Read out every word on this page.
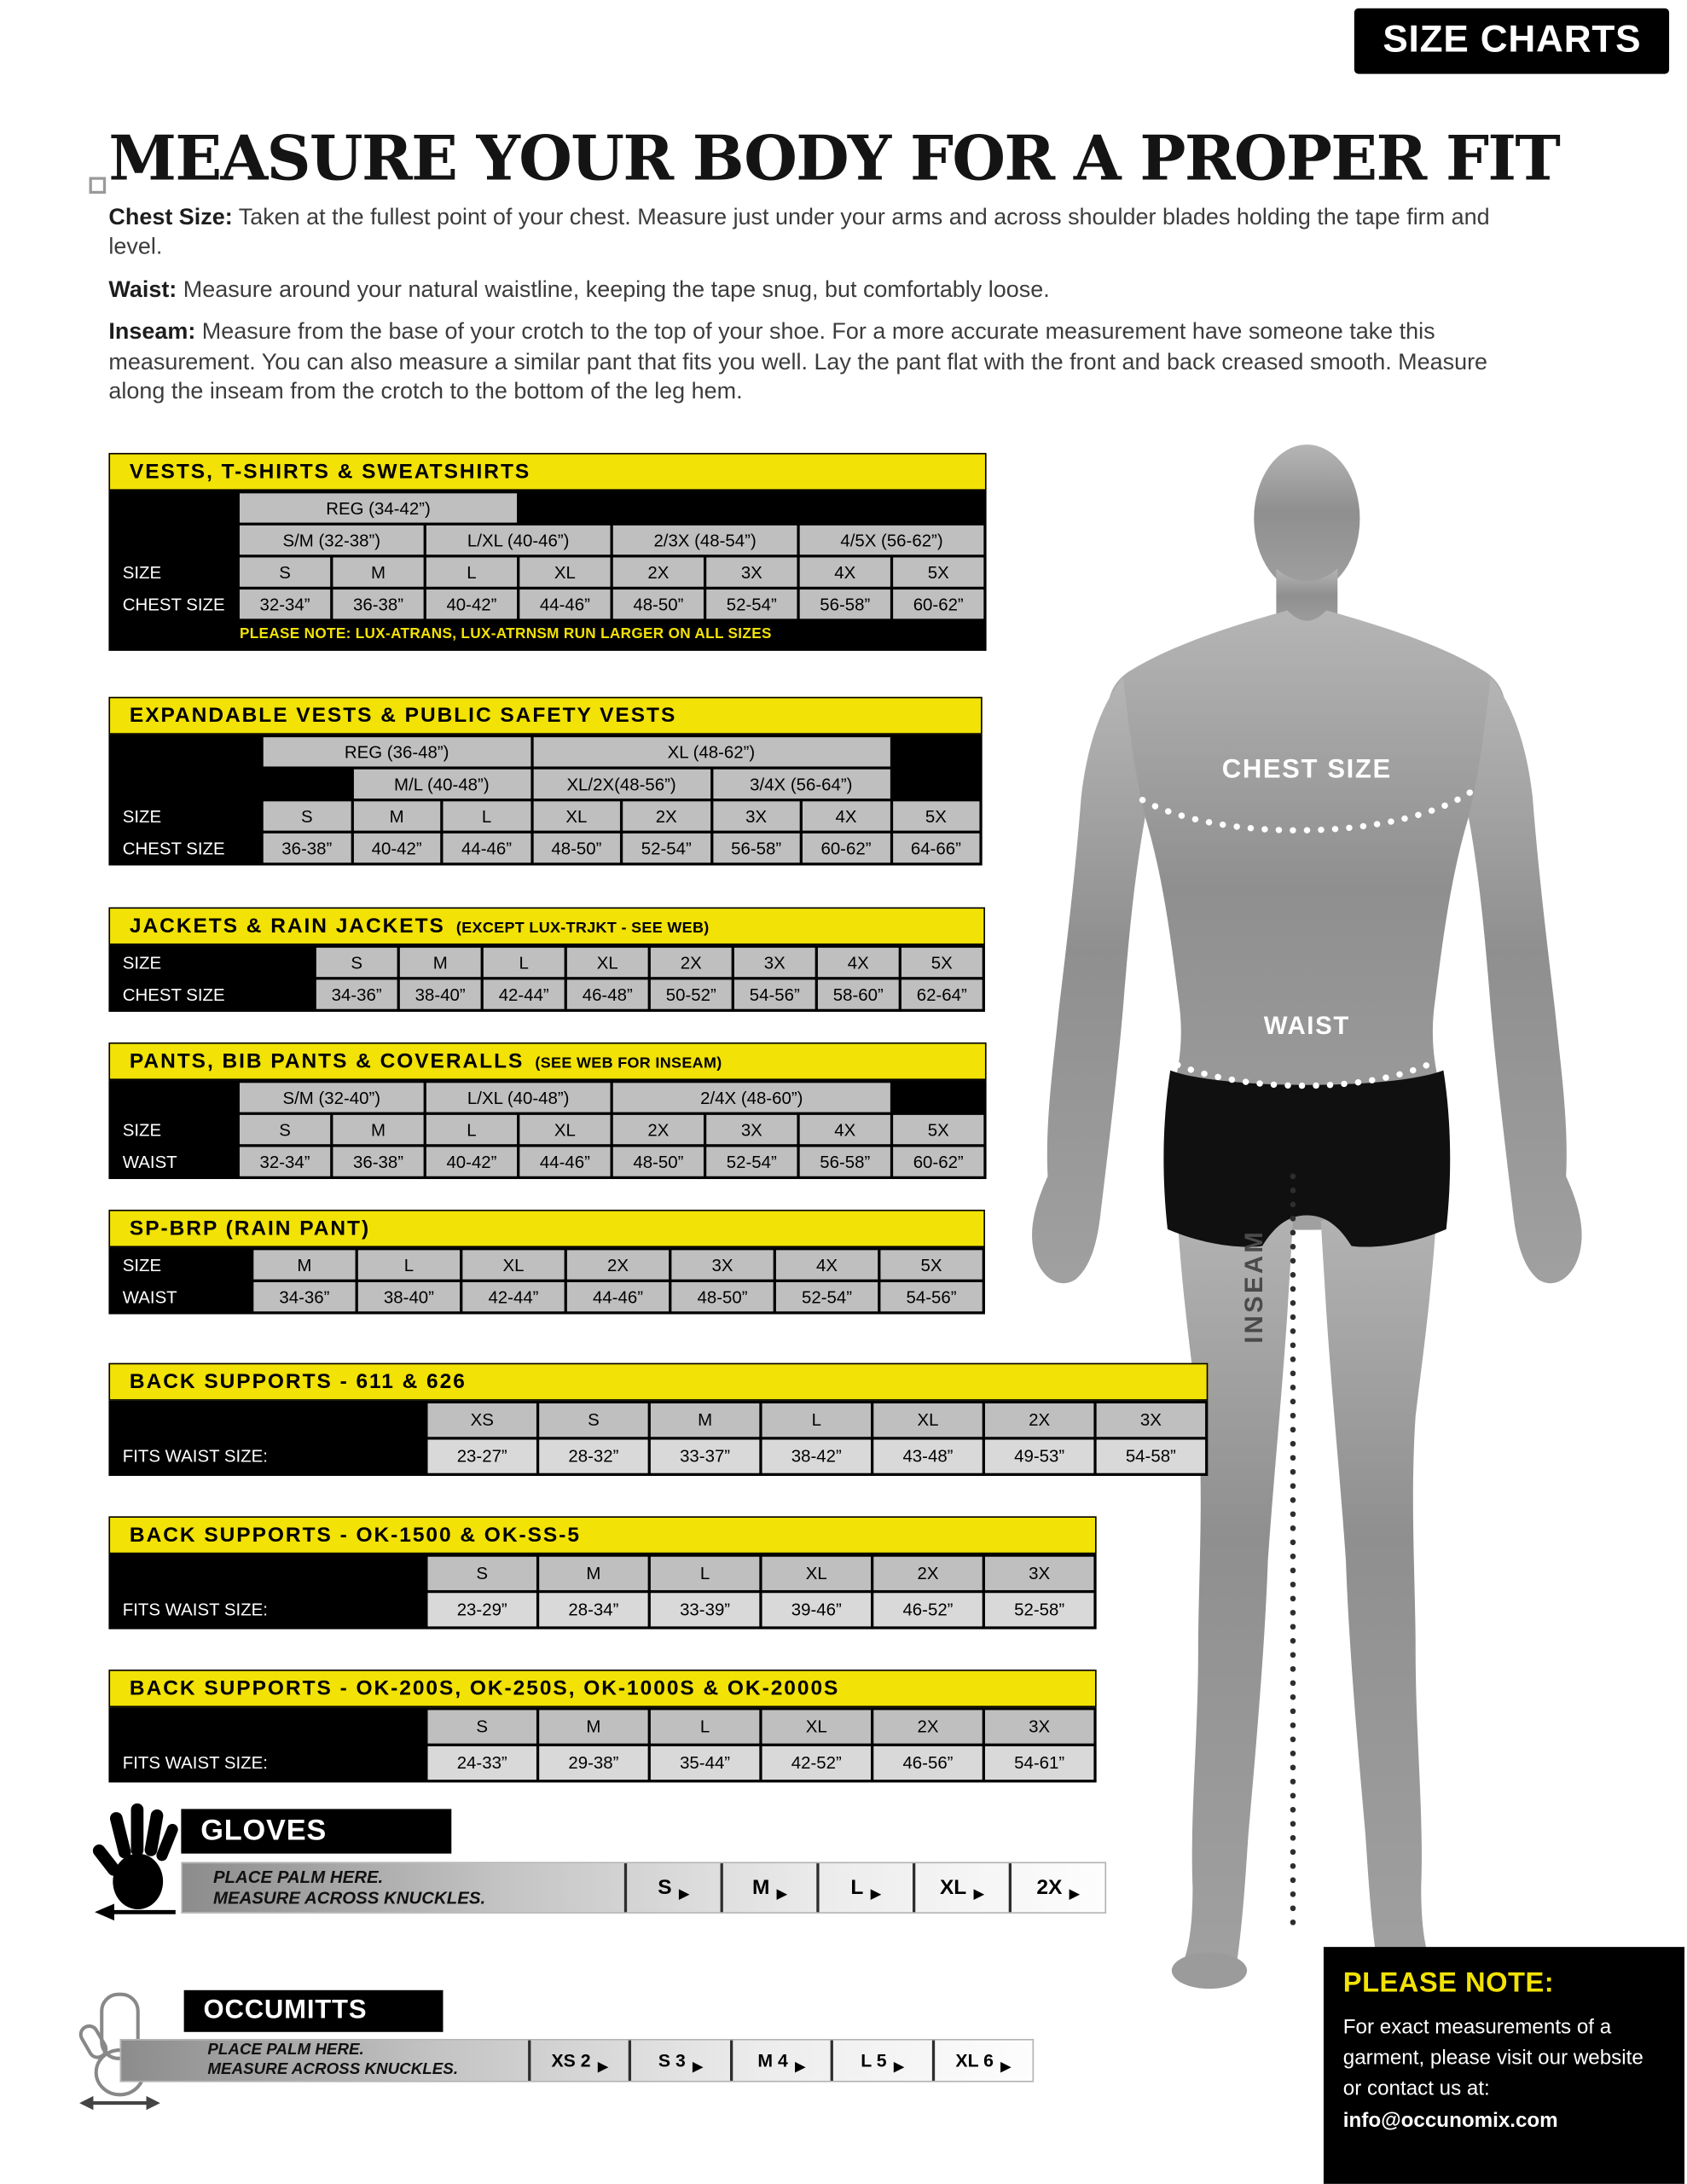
CHEST SIZE
WAIST
INSEAM
SIZE CHARTS
MEASURE YOUR BODY FOR A PROPER FIT

Chest Size: Taken at the fullest point of your chest. Measure just under your arms and across shoulder blades holding the tape firm and level.

Waist: Measure around your natural waistline, keeping the tape snug, but comfortably loose.

Inseam: Measure from the base of your crotch to the top of your shoe. For a more accurate measurement have someone take this measurement. You can also measure a similar pant that fits you well. Lay the pant flat with the front and back creased smooth. Measure along the inseam from the crotch to the bottom of the leg hem.

VESTS, T-SHIRTS & SWEATSHIRTS
REG (34-42”)
S/M (32-38”)	L/XL (40-46”)	2/3X (48-54”)	4/5X (56-62”)
SIZE	S	M	L	XL	2X	3X	4X	5X
CHEST SIZE	32-34”	36-38”	40-42”	44-46”	48-50”	52-54”	56-58”	60-62”
PLEASE NOTE: LUX-ATRANS, LUX-ATRNSM RUN LARGER ON ALL SIZES
EXPANDABLE VESTS & PUBLIC SAFETY VESTS
REG (36-48”)	XL (48-62”)
M/L (40-48”)	XL/2X(48-56”)	3/4X (56-64”)
SIZE	S	M	L	XL	2X	3X	4X	5X
CHEST SIZE	36-38”	40-42”	44-46”	48-50”	52-54”	56-58”	60-62”	64-66”
JACKETS & RAIN JACKETS (EXCEPT LUX-TRJKT - SEE WEB)
SIZE	S	M	L	XL	2X	3X	4X	5X
CHEST SIZE	34-36”	38-40”	42-44”	46-48”	50-52”	54-56”	58-60”	62-64”
PANTS, BIB PANTS & COVERALLS (SEE WEB FOR INSEAM)
S/M (32-40”)	L/XL (40-48”)	2/4X (48-60”)
SIZE	S	M	L	XL	2X	3X	4X	5X
WAIST	32-34”	36-38”	40-42”	44-46”	48-50”	52-54”	56-58”	60-62”
SP-BRP (RAIN PANT)
SIZE	M	L	XL	2X	3X	4X	5X
WAIST	34-36”	38-40”	42-44”	44-46”	48-50”	52-54”	54-56”
BACK SUPPORTS - 611 & 626
XS	S	M	L	XL	2X	3X
FITS WAIST SIZE:	23-27”	28-32”	33-37”	38-42”	43-48”	49-53”	54-58”
BACK SUPPORTS - OK-1500 & OK-SS-5
S	M	L	XL	2X	3X
FITS WAIST SIZE:	23-29”	28-34”	33-39”	39-46”	46-52”	52-58”
BACK SUPPORTS - OK-200S, OK-250S, OK-1000S & OK-2000S
S	M	L	XL	2X	3X
FITS WAIST SIZE:	24-33”	29-38”	35-44”	42-52”	46-56”	54-61”
GLOVES
PLACE PALM HERE.
MEASURE ACROSS KNUCKLES.	S ▶	M ▶	L ▶	XL ▶	2X ▶
OCCUMITTS
PLACE PALM HERE.
MEASURE ACROSS KNUCKLES.	XS 2 ▶	S 3 ▶	M 4 ▶	L 5 ▶	XL 6 ▶
PLEASE NOTE:
For exact measurements of a garment, please visit our website or contact us at:
info@occunomix.com
